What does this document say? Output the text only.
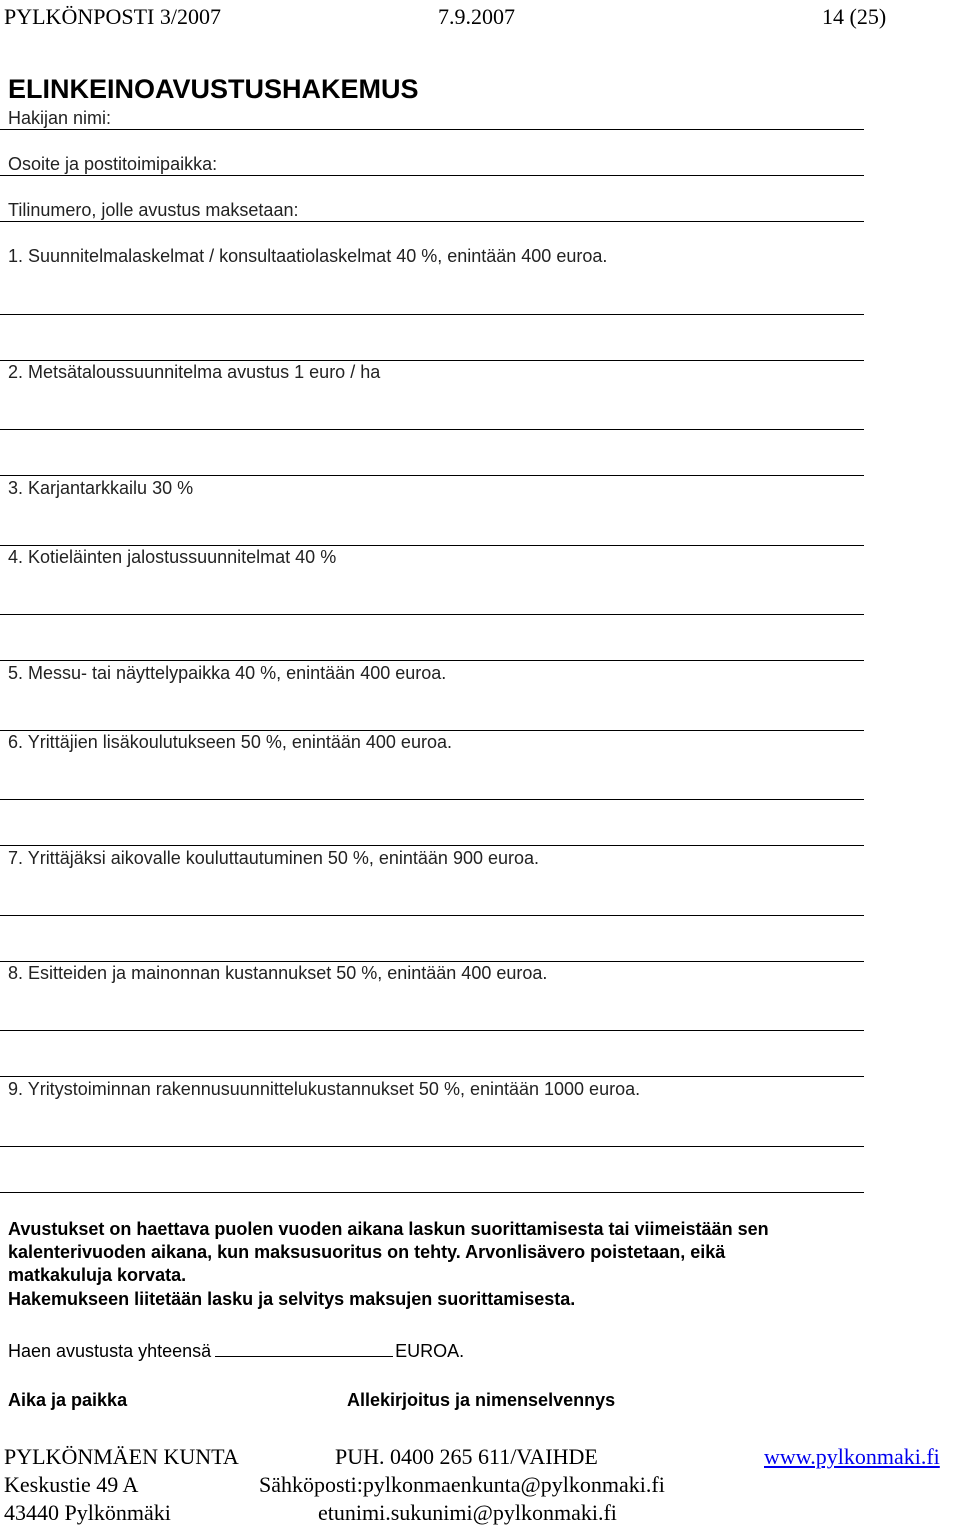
PYLKÖNPOSTI 3/2007	7.9.2007	14 (25)
ELINKEINOAVUSTUSHAKEMUS
Hakijan nimi:
Osoite ja postitoimipaikka:
Tilinumero, jolle avustus maksetaan:
1. Suunnitelmalaskelmat / konsultaatiolaskelmat 40 %, enintään 400 euroa.
2. Metsätaloussuunnitelma avustus 1 euro / ha
3. Karjantarkkailu 30 %
4. Kotieläinten jalostussuunnitelmat 40 %
5. Messu- tai näyttelypaikka 40 %, enintään 400 euroa.
6. Yrittäjien lisäkoulutukseen 50 %, enintään 400 euroa.
7. Yrittäjäksi aikovalle kouluttautuminen 50 %, enintään 900 euroa.
8. Esitteiden ja mainonnan kustannukset 50 %, enintään 400 euroa.
9. Yritystoiminnan rakennusuunnittelukustannukset 50 %, enintään 1000 euroa.
Avustukset on haettava puolen vuoden aikana laskun suorittamisesta tai viimeistään sen
kalenterivuoden aikana, kun maksusuoritus on tehty. Arvonlisävero poistetaan, eikä
matkakuluja korvata.
Hakemukseen liitetään lasku ja selvitys maksujen suorittamisesta.
Haen avustusta yhteensä	EUROA.
Aika ja paikka	Allekirjoitus ja nimenselvennys
PYLKÖNMÄEN KUNTA
Keskustie 49 A
43440 Pylkönmäki
PUH. 0400 265 611/VAIHDE
Sähköposti:pylkonmaenkunta@pylkonmaki.fi
etunimi.sukunimi@pylkonmaki.fi
www.pylkonmaki.fi
